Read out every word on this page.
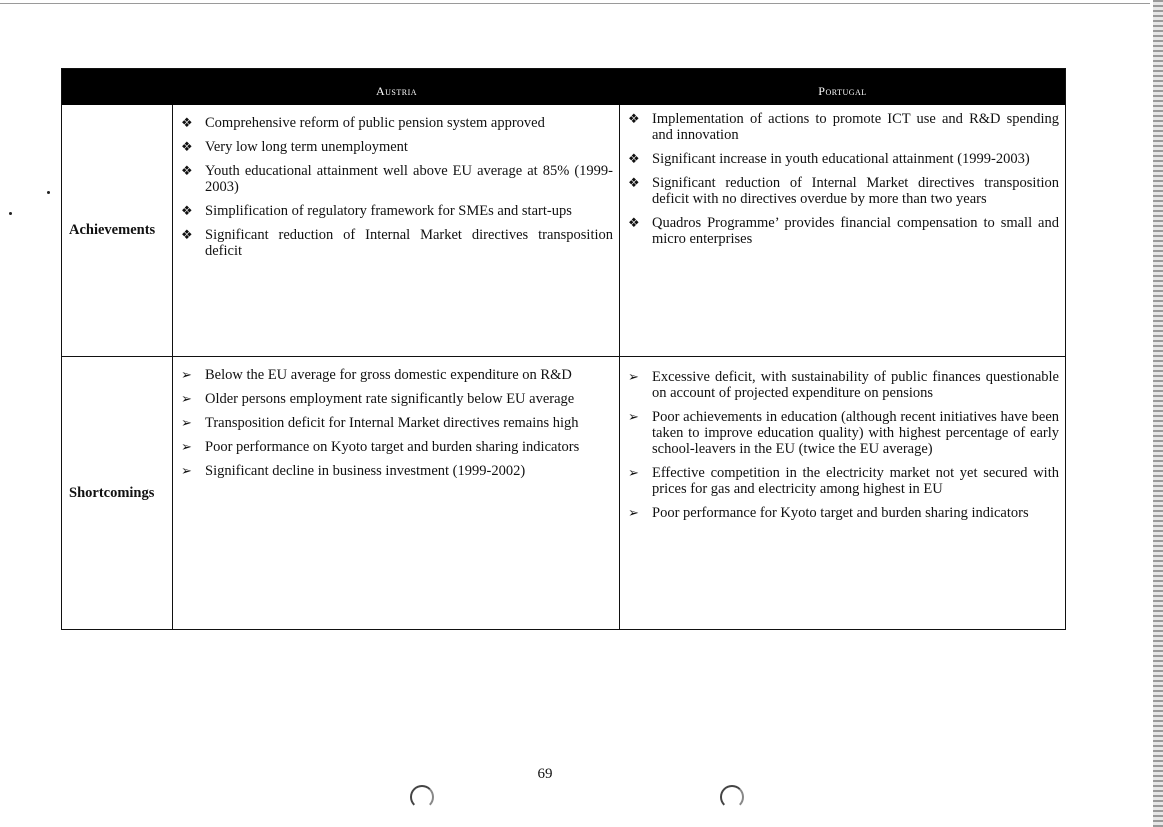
Austria	Portugal
Achievements
❖ Comprehensive reform of public pension system approved
❖ Very low long term unemployment
❖ Youth educational attainment well above EU average at 85% (1999-2003)
❖ Simplification of regulatory framework for SMEs and start-ups
❖ Significant reduction of Internal Market directives transposition deficit
❖ Implementation of actions to promote ICT use and R&D spending and innovation
❖ Significant increase in youth educational attainment (1999-2003)
❖ Significant reduction of Internal Market directives transposition deficit with no directives overdue by more than two years
❖ Quadros Programme’ provides financial compensation to small and micro enterprises
Shortcomings
➢ Below the EU average for gross domestic expenditure on R&D
➢ Older persons employment rate significantly below EU average
➢ Transposition deficit for Internal Market directives remains high
➢ Poor performance on Kyoto target and burden sharing indicators
➢ Significant decline in business investment (1999-2002)
➢ Excessive deficit, with sustainability of public finances questionable on account of projected expenditure on pensions
➢ Poor achievements in education (although recent initiatives have been taken to improve education quality) with highest percentage of early school-leavers in the EU (twice the EU average)
➢ Effective competition in the electricity market not yet secured with prices for gas and electricity among highest in EU
➢ Poor performance for Kyoto target and burden sharing indicators
69
